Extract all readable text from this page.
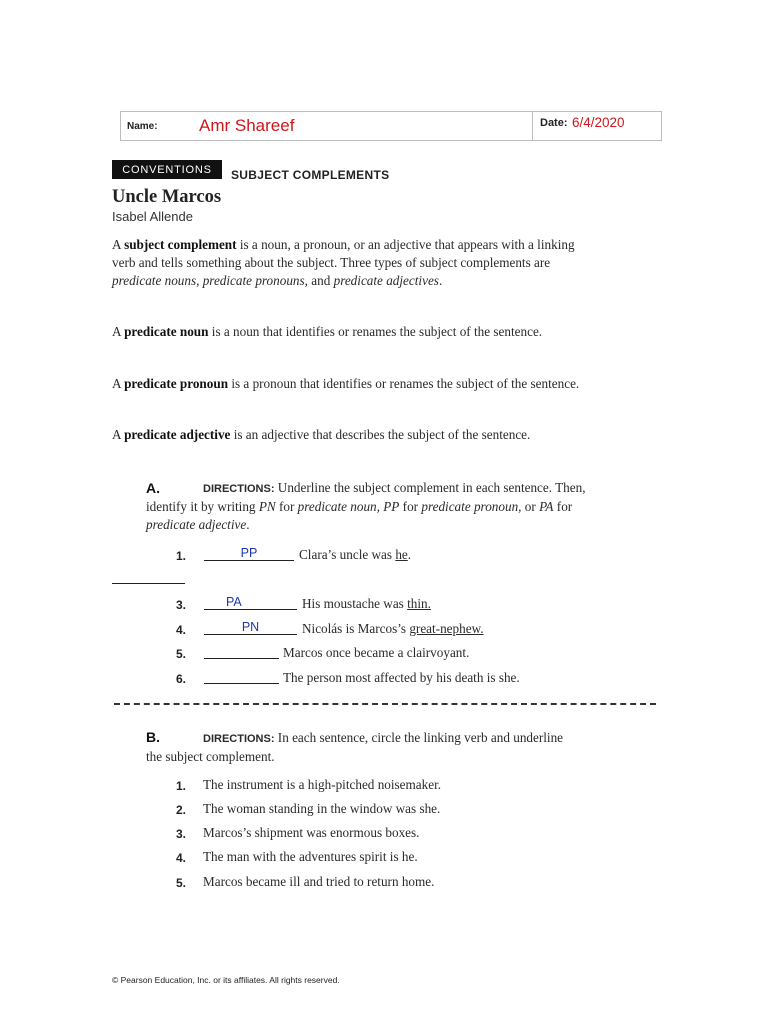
Name: Amr Shareef	Date: 6/4/2020
CONVENTIONS	SUBJECT COMPLEMENTS
Uncle Marcos
Isabel Allende
A subject complement is a noun, a pronoun, or an adjective that appears with a linking verb and tells something about the subject. Three types of subject complements are predicate nouns, predicate pronouns, and predicate adjectives.
A predicate noun is a noun that identifies or renames the subject of the sentence.
A predicate pronoun is a pronoun that identifies or renames the subject of the sentence.
A predicate adjective is an adjective that describes the subject of the sentence.
A.	DIRECTIONS: Underline the subject complement in each sentence. Then, identify it by writing PN for predicate noun, PP for predicate pronoun, or PA for predicate adjective.
1.	PP	Clara’s uncle was he.
3.	PA	His moustache was thin.
4.	PN	Nicolás is Marcos’s great-nephew.
5.	Marcos once became a clairvoyant.
6.	The person most affected by his death is she.
B.	DIRECTIONS: In each sentence, circle the linking verb and underline the subject complement.
1. The instrument is a high-pitched noisemaker.
2. The woman standing in the window was she.
3. Marcos’s shipment was enormous boxes.
4. The man with the adventures spirit is he.
5. Marcos became ill and tried to return home.
© Pearson Education, Inc. or its affiliates. All rights reserved.
